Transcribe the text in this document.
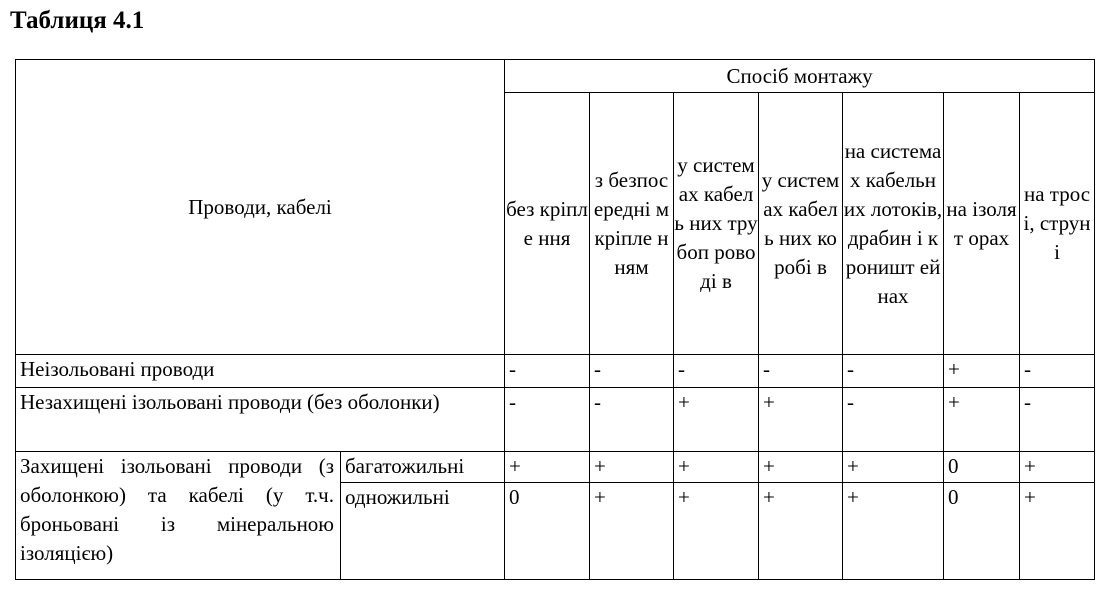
Таблиця 4.1
Проводи, кабелі		Спосіб монтажу						
		без кріпле ння	з безпос ередні м кріпле нням	у систем ах кабель них трубоп роводі в	у систем ах кабель них коробі в	на система х кабельн их лотоків, драбин і кроништ ейнах	на ізолят орах	на тросі, струн і
Неізольовані проводи		-	-	-	-	-	+	-
Незахищені ізольовані проводи (без оболонки)		-	-	+	+	-	+	-
Захищені ізольовані проводи (з оболонкою) та кабелі (у т.ч. броньовані із мінеральною ізоляцією)	багатожильні	+	+	+	+	+	0	+
	одножильні	0	+	+	+	+	0	+
